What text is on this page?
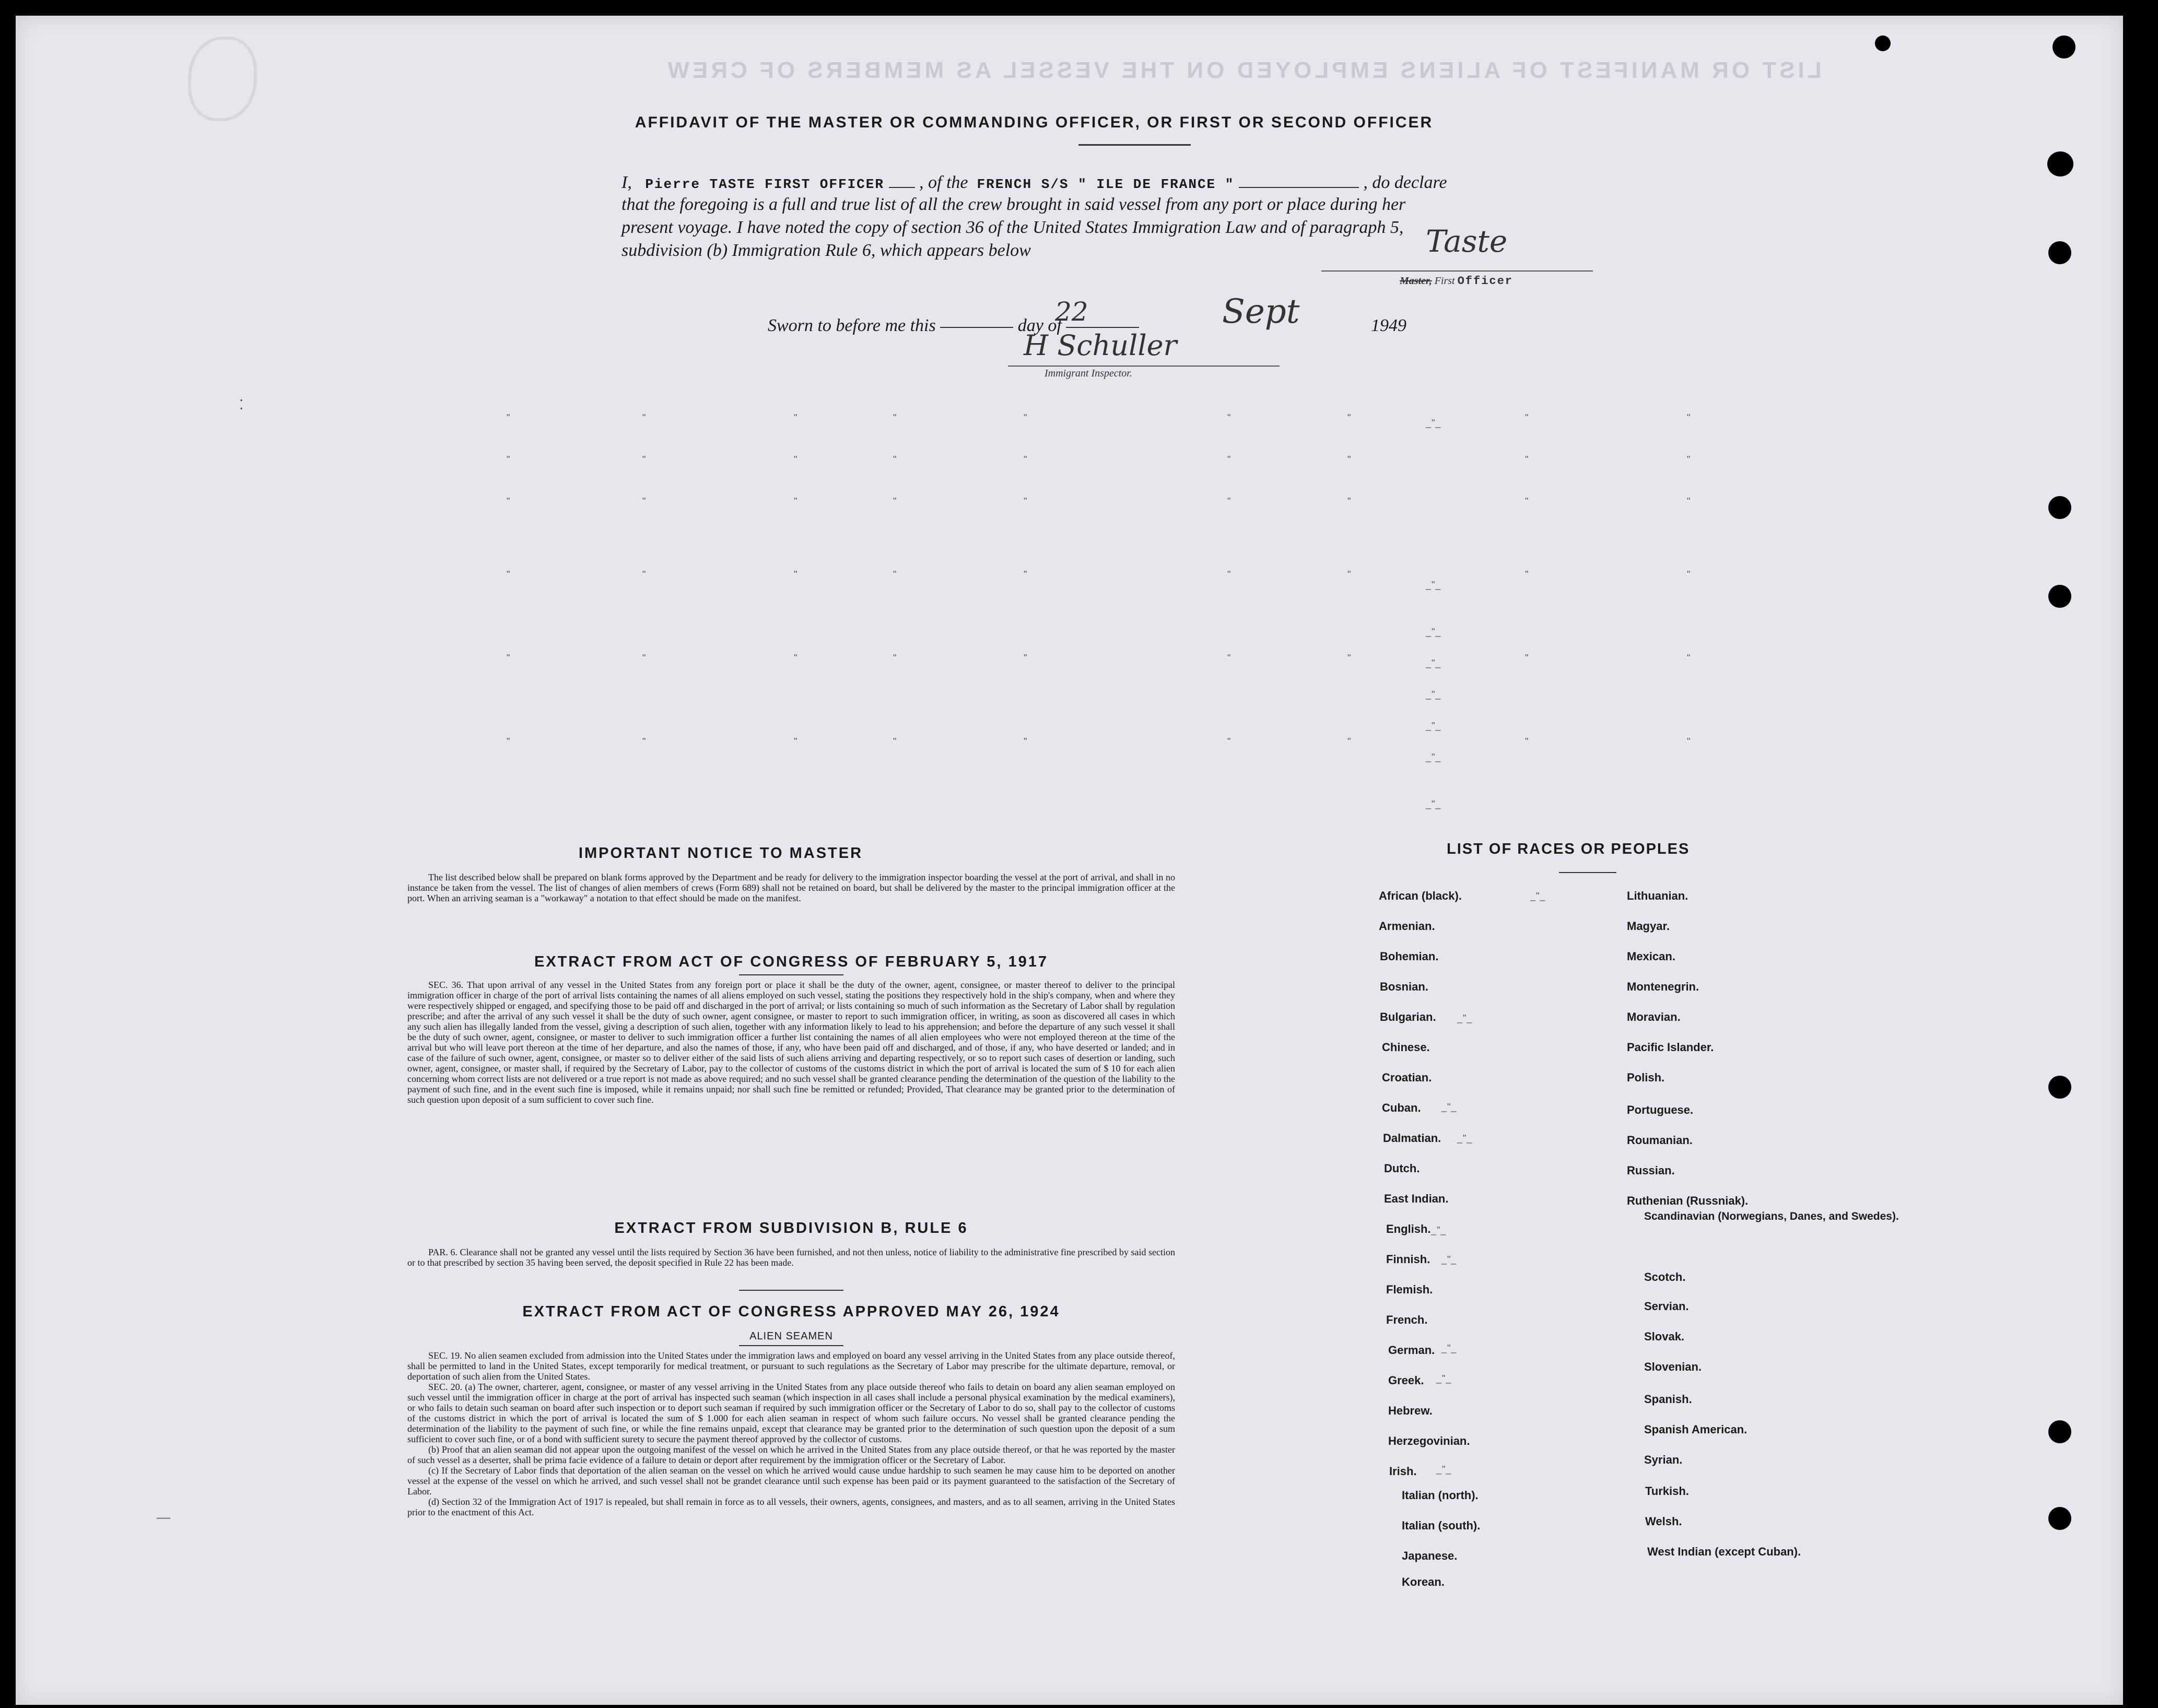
LIST OR MANIFEST OF ALIENS EMPLOYED ON THE VESSEL AS MEMBERS OF CREW
AFFIDAVIT OF THE MASTER OR COMMANDING OFFICER, OR FIRST OR SECOND OFFICER
I, Pierre TASTE FIRST OFFICER , of the FRENCH S/S " ILE DE FRANCE "	, do declare
that the foregoing is a full and true list of all the crew brought in said vessel from any port or place during her
present voyage. I have noted the copy of section 36 of the United States Immigration Law and of paragraph 5,
subdivision (b) Immigration Rule 6, which appears below	Taste
Master, First Officer
Sworn to before me this	day of
22	Sept	1949
H Schuller
Immigrant Inspector.
"	"	"	"	"	"	"	"	"
"	"	"	"	"	"	"	"	"
"	"	"	"	"	"	"	"	"
"	"	"	"	"	"	"	"	"
"	"	"	"	"	"	"	"	"
"	"	"	"	"	"	"	"	"
_"_
_"_
_"_
_"_
_"_
_"_
_"_
_"_
IMPORTANT NOTICE TO MASTER
The list described below shall be prepared on blank forms approved by the Department and be ready for delivery to the immigration inspector boarding the vessel at the port of arrival, and shall in no instance be taken from the vessel. The list of changes of alien members of crews (Form 689) shall not be retained on board, but shall be delivered by the master to the principal immigration officer at the port. When an arriving seaman is a "workaway" a notation to that effect should be made on the manifest.
EXTRACT FROM ACT OF CONGRESS OF FEBRUARY 5, 1917
SEC. 36. That upon arrival of any vessel in the United States from any foreign port or place it shall be the duty of the owner, agent, consignee, or master thereof to deliver to the principal immigration officer in charge of the port of arrival lists containing the names of all aliens employed on such vessel, stating the positions they respectively hold in the ship's company, when and where they were respectively shipped or engaged, and specifying those to be paid off and discharged in the port of arrival; or lists containing so much of such information as the Secretary of Labor shall by regulation prescribe; and after the arrival of any such vessel it shall be the duty of such owner, agent consignee, or master to report to such immigration officer, in writing, as soon as discovered all cases in which any such alien has illegally landed from the vessel, giving a description of such alien, together with any information likely to lead to his apprehension; and before the departure of any such vessel it shall be the duty of such owner, agent, consignee, or master to deliver to such immigration officer a further list containing the names of all alien employees who were not employed thereon at the time of the arrival but who will leave port thereon at the time of her departure, and also the names of those, if any, who have been paid off and discharged, and of those, if any, who have deserted or landed; and in case of the failure of such owner, agent, consignee, or master so to deliver either of the said lists of such aliens arriving and departing respectively, or so to report such cases of desertion or landing, such owner, agent, consignee, or master shall, if required by the Secretary of Labor, pay to the collector of customs of the customs district in which the port of arrival is located the sum of $ 10 for each alien concerning whom correct lists are not delivered or a true report is not made as above required; and no such vessel shall be granted clearance pending the determination of the question of the liability to the payment of such fine, and in the event such fine is imposed, while it remains unpaid; nor shall such fine be remitted or refunded; Provided, That clearance may be granted prior to the determination of such question upon deposit of a sum sufficient to cover such fine.
EXTRACT FROM SUBDIVISION B, RULE 6
PAR. 6. Clearance shall not be granted any vessel until the lists required by Section 36 have been furnished, and not then unless, notice of liability to the administrative fine prescribed by said section or to that prescribed by section 35 having been served, the deposit specified in Rule 22 has been made.
EXTRACT FROM ACT OF CONGRESS APPROVED MAY 26, 1924
ALIEN SEAMEN

SEC. 19. No alien seamen excluded from admission into the United States under the immigration laws and employed on board any vessel arriving in the United States from any place outside thereof, shall be permitted to land in the United States, except temporarily for medical treatment, or pursuant to such regulations as the Secretary of Labor may prescribe for the ultimate departure, removal, or deportation of such alien from the United States.

SEC. 20. (a) The owner, charterer, agent, consignee, or master of any vessel arriving in the United States from any place outside thereof who fails to detain on board any alien seaman employed on such vessel until the immigration officer in charge at the port of arrival has inspected such seaman (which inspection in all cases shall include a personal physical examination by the medical examiners), or who fails to detain such seaman on board after such inspection or to deport such seaman if required by such immigration officer or the Secretary of Labor to do so, shall pay to the collector of customs of the customs district in which the port of arrival is located the sum of $ 1.000 for each alien seaman in respect of whom such failure occurs. No vessel shall be granted clearance pending the determination of the liability to the payment of such fine, or while the fine remains unpaid, except that clearance may be granted prior to the determination of such question upon the deposit of a sum sufficient to cover such fine, or of a bond with sufficient surety to secure the payment thereof approved by the collector of customs.

(b) Proof that an alien seaman did not appear upon the outgoing manifest of the vessel on which he arrived in the United States from any place outside thereof, or that he was reported by the master of such vessel as a deserter, shall be prima facie evidence of a failure to detain or deport after requirement by the immigration officer or the Secretary of Labor.

(c) If the Secretary of Labor finds that deportation of the alien seaman on the vessel on which he arrived would cause undue hardship to such seamen he may cause him to be deported on another vessel at the expense of the vessel on which he arrived, and such vessel shall not be grandet clearance until such expense has been paid or its payment guaranteed to the satisfaction of the Secretary of Labor.

(d) Section 32 of the Immigration Act of 1917 is repealed, but shall remain in force as to all vessels, their owners, agents, consignees, and masters, and as to all seamen, arriving in the United States prior to the enactment of this Act.

LIST OF RACES OR PEOPLES
African (black).
Armenian.
Bohemian.
Bosnian.
Bulgarian.
Chinese.
Croatian.
Cuban.
Dalmatian.
Dutch.
East Indian.
English.
Finnish.
Flemish.
French.
German.
Greek.
Hebrew.
Herzegovinian.
Irish.
Italian (north).
Italian (south).
Japanese.
Korean.
Lithuanian.
Magyar.
Mexican.
Montenegrin.
Moravian.
Pacific Islander.
Polish.
Portuguese.
Roumanian.
Russian.
Ruthenian (Russniak).
Scandinavian (Norwegians, Danes, and Swedes).
Scotch.
Servian.
Slovak.
Slovenian.
Spanish.
Spanish American.
Syrian.
Turkish.
Welsh.
West Indian (except Cuban).
_"_
_"_
_"_
_"_
_"_
_"_
_"_
_"_
_"_
⁚
—
